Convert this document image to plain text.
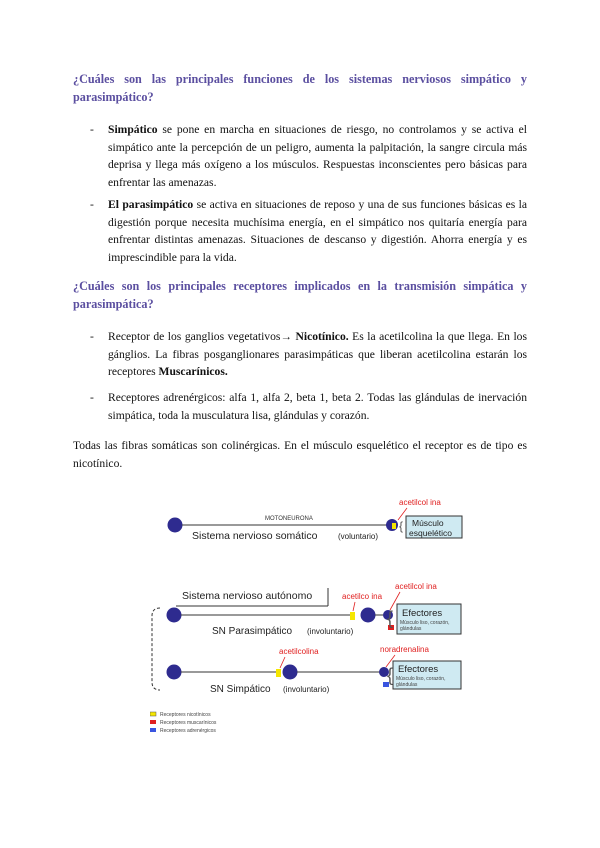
¿Cuáles son las principales funciones de los sistemas nerviosos simpático y parasimpático?
- Simpático se pone en marcha en situaciones de riesgo, no controlamos y se activa el simpático ante la percepción de un peligro, aumenta la palpitación, la sangre circula más deprisa y llega más oxígeno a los músculos. Respuestas inconscientes pero básicas para enfrentar las amenazas.
- El parasimpático se activa en situaciones de reposo y una de sus funciones básicas es la digestión porque necesita muchísima energía, en el simpático nos quitaría energía para enfrentar distintas amenazas. Situaciones de descanso y digestión. Ahorra energía y es imprescindible para la vida.
¿Cuáles son los principales receptores implicados en la transmisión simpática y parasimpática?
- Receptor de los ganglios vegetativos→ Nicotínico. Es la acetilcolina la que llega. En los gánglios. La fibras posganglionares parasimpáticas que liberan acetilcolina estarán los receptores Muscarínicos.
- Receptores adrenérgicos: alfa 1, alfa 2, beta 1, beta 2. Todas las glándulas de inervación simpática, toda la musculatura lisa, glándulas y corazón.
Todas las fibras somáticas son colinérgicas. En el músculo esquelético el receptor es de tipo es nicotínico.
MOTONEURONA
Sistema nervioso somático	(voluntario)
acetilcol ina
{ Músculo
esquelético
Sistema nervioso autónomo	acetilco ina
acetilcol ina
{ Efectores
Músculo liso, corazón,
glándulas
SN Parasimpático (involuntario)
acetilcolina	noradrenalina
{ Efectores
Músculo liso, corazón,
glándulas
SN Simpático (involuntario)
Receptores nicotínicos
Receptores muscarínicos
Receptores adrenérgicos
